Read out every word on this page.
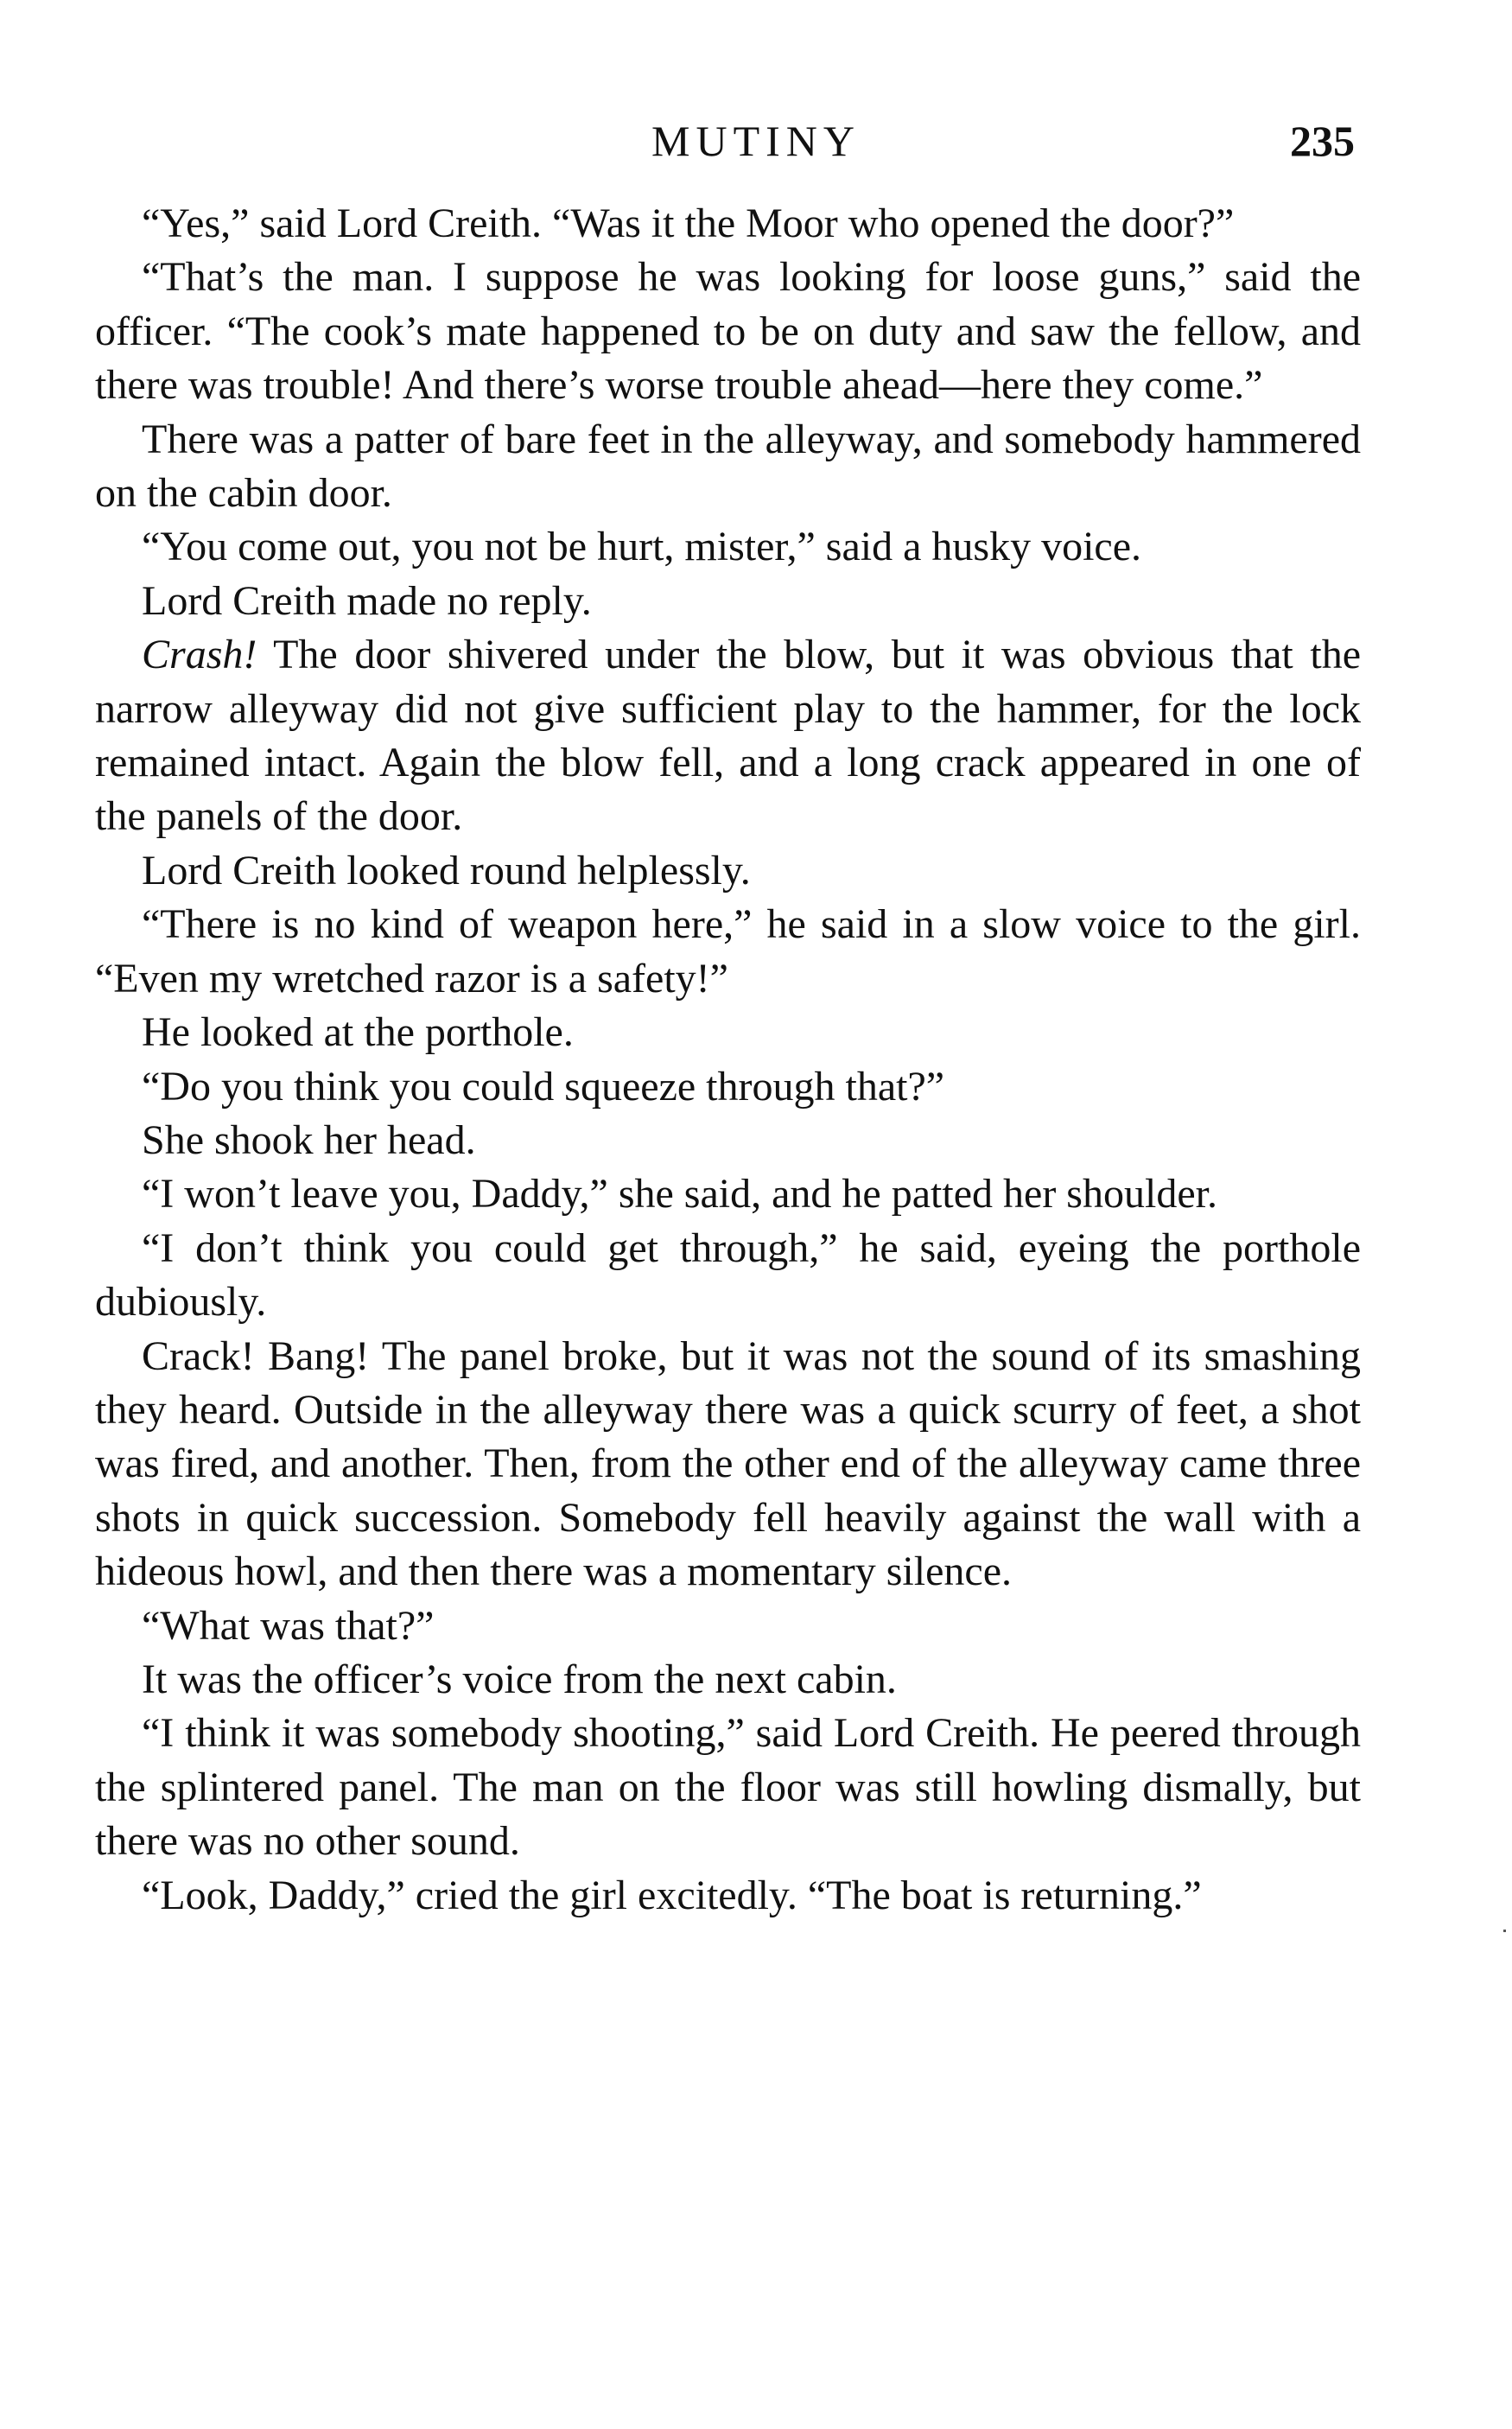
MUTINY	235

“Yes,” said Lord Creith. “Was it the Moor who opened the door?”

“That’s the man. I suppose he was looking for loose guns,” said the officer. “The cook’s mate happened to be on duty and saw the fellow, and there was trouble! And there’s worse trouble ahead—here they come.”

There was a patter of bare feet in the alleyway, and somebody hammered on the cabin door.

“You come out, you not be hurt, mister,” said a husky voice.

Lord Creith made no reply.

Crash! The door shivered under the blow, but it was obvious that the narrow alleyway did not give sufficient play to the hammer, for the lock remained intact. Again the blow fell, and a long crack appeared in one of the panels of the door.

Lord Creith looked round helplessly.

“There is no kind of weapon here,” he said in a slow voice to the girl. “Even my wretched razor is a safety!”

He looked at the porthole.

“Do you think you could squeeze through that?”

She shook her head.

“I won’t leave you, Daddy,” she said, and he patted her shoulder.

“I don’t think you could get through,” he said, eyeing the porthole dubiously.

Crack! Bang! The panel broke, but it was not the sound of its smashing they heard. Outside in the alleyway there was a quick scurry of feet, a shot was fired, and another. Then, from the other end of the alleyway came three shots in quick succession. Somebody fell heavily against the wall with a hideous howl, and then there was a momentary silence.

“What was that?”

It was the officer’s voice from the next cabin.

“I think it was somebody shooting,” said Lord Creith. He peered through the splintered panel. The man on the floor was still howling dismally, but there was no other sound.

“Look, Daddy,” cried the girl excitedly. “The boat is returning.”
